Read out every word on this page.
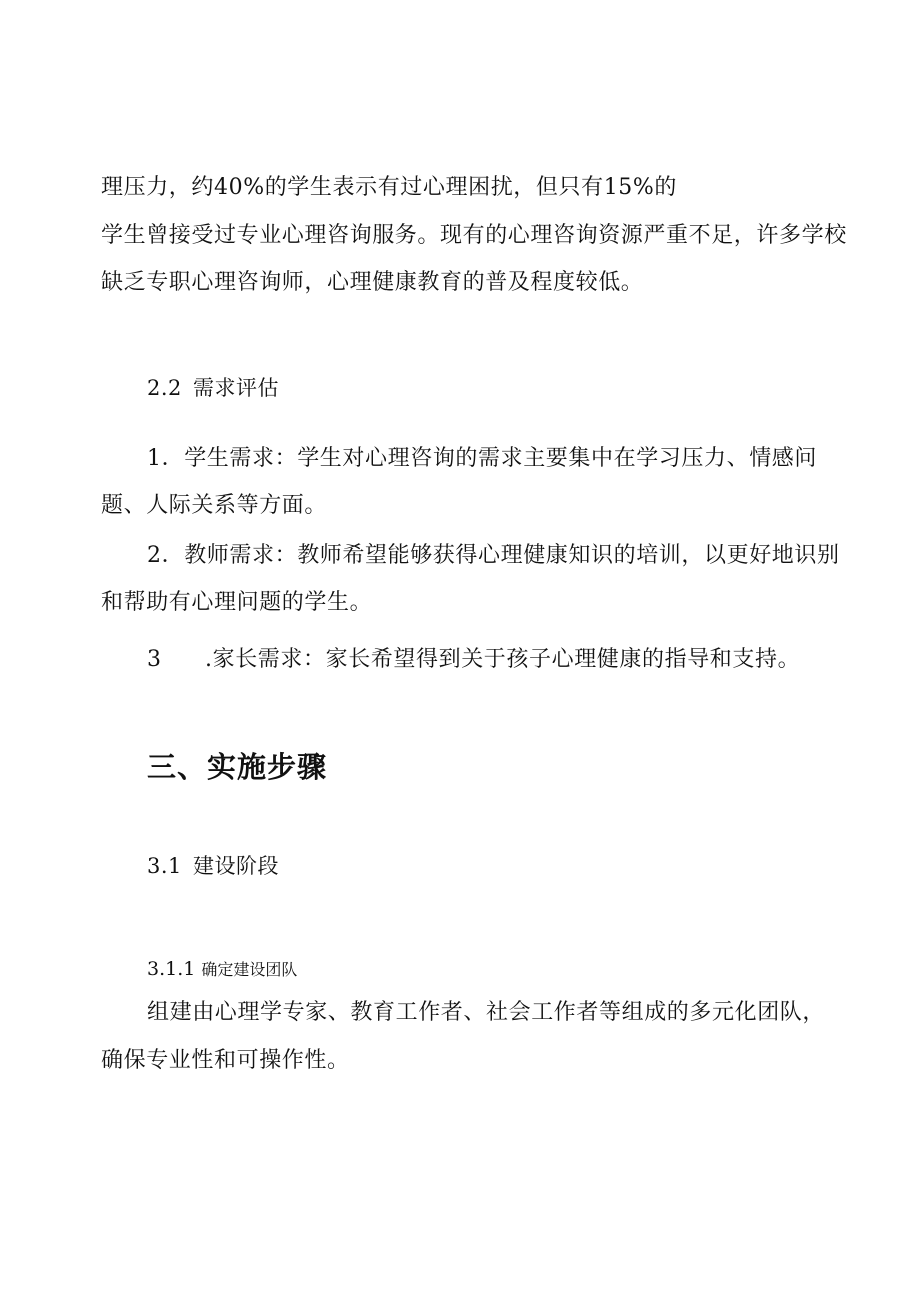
理压力，约40%的学生表示有过心理困扰，但只有15%的
学生曾接受过专业心理咨询服务。现有的心理咨询资源严重不足，许多学校
缺乏专职心理咨询师，心理健康教育的普及程度较低。
2.2 需求评估
1．学生需求：学生对心理咨询的需求主要集中在学习压力、情感问
题、人际关系等方面。
2．教师需求：教师希望能够获得心理健康知识的培训，以更好地识别
和帮助有心理问题的学生。
3 .家长需求：家长希望得到关于孩子心理健康的指导和支持。
三、实施步骤
3.1 建设阶段
3.1.1 确定建设团队
组建由心理学专家、教育工作者、社会工作者等组成的多元化团队，
确保专业性和可操作性。
